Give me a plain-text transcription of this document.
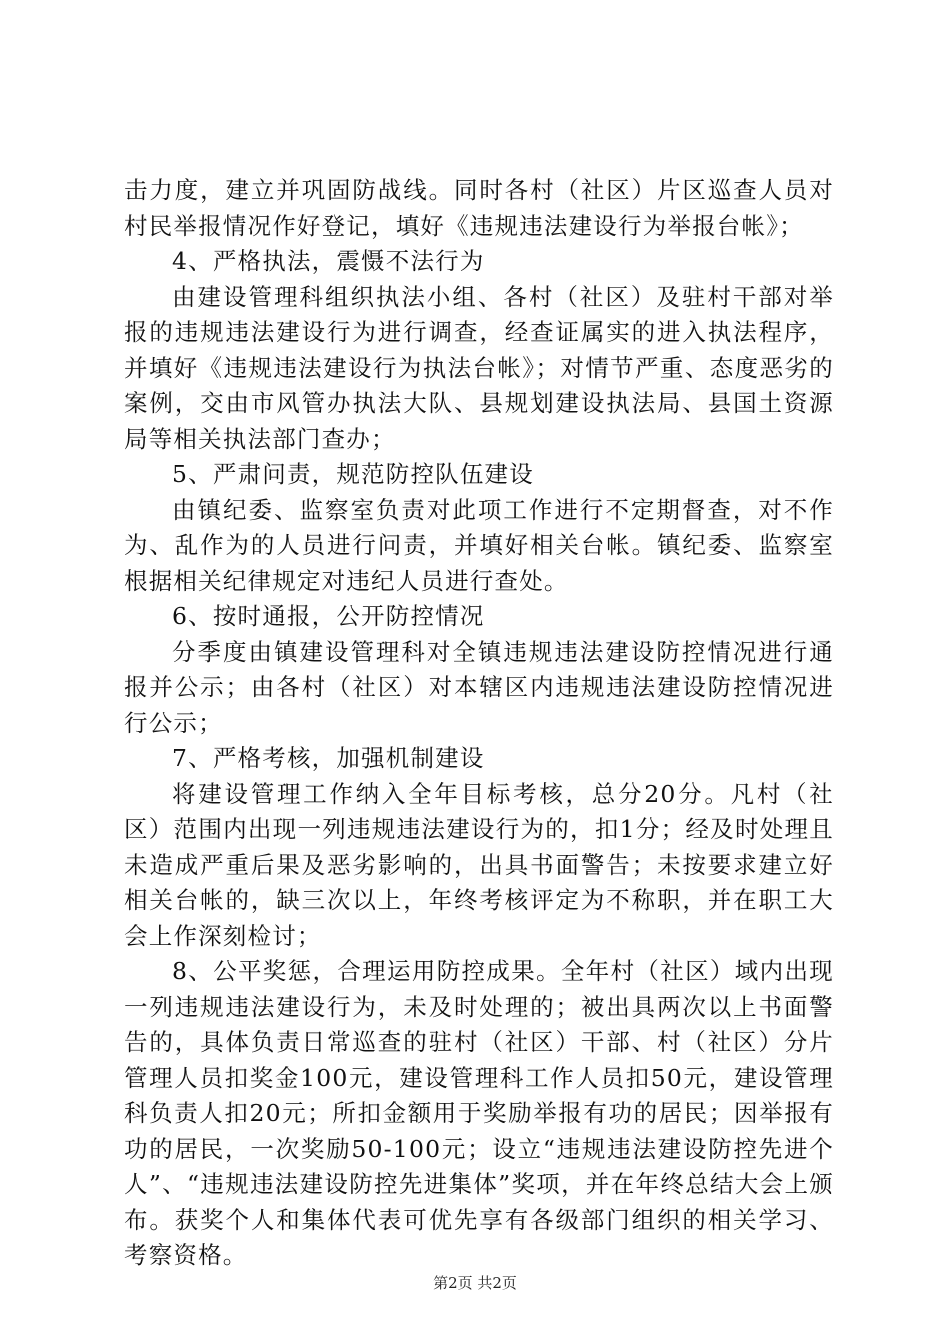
击力度，建立并巩固防战线。同时各村（社区）片区巡查人员对村民举报情况作好登记，填好《违规违法建设行为举报台帐》；

4、严格执法，震慑不法行为

由建设管理科组织执法小组、各村（社区）及驻村干部对举报的违规违法建设行为进行调查，经查证属实的进入执法程序，并填好《违规违法建设行为执法台帐》；对情节严重、态度恶劣的案例，交由市风管办执法大队、县规划建设执法局、县国土资源局等相关执法部门查办；

5、严肃问责，规范防控队伍建设

由镇纪委、监察室负责对此项工作进行不定期督查，对不作为、乱作为的人员进行问责，并填好相关台帐。镇纪委、监察室根据相关纪律规定对违纪人员进行查处。

6、按时通报，公开防控情况

分季度由镇建设管理科对全镇违规违法建设防控情况进行通报并公示；由各村（社区）对本辖区内违规违法建设防控情况进行公示；

7、严格考核，加强机制建设

将建设管理工作纳入全年目标考核，总分20分。凡村（社区）范围内出现一列违规违法建设行为的，扣1分；经及时处理且未造成严重后果及恶劣影响的，出具书面警告；未按要求建立好相关台帐的，缺三次以上，年终考核评定为不称职，并在职工大会上作深刻检讨；

8、公平奖惩，合理运用防控成果。全年村（社区）域内出现一列违规违法建设行为，未及时处理的；被出具两次以上书面警告的，具体负责日常巡查的驻村（社区）干部、村（社区）分片管理人员扣奖金100元，建设管理科工作人员扣50元，建设管理科负责人扣20元；所扣金额用于奖励举报有功的居民；因举报有功的居民，一次奖励50-100元；设立“违规违法建设防控先进个人”、“违规违法建设防控先进集体”奖项，并在年终总结大会上颁布。获奖个人和集体代表可优先享有各级部门组织的相关学习、考察资格。

第2页 共2页
